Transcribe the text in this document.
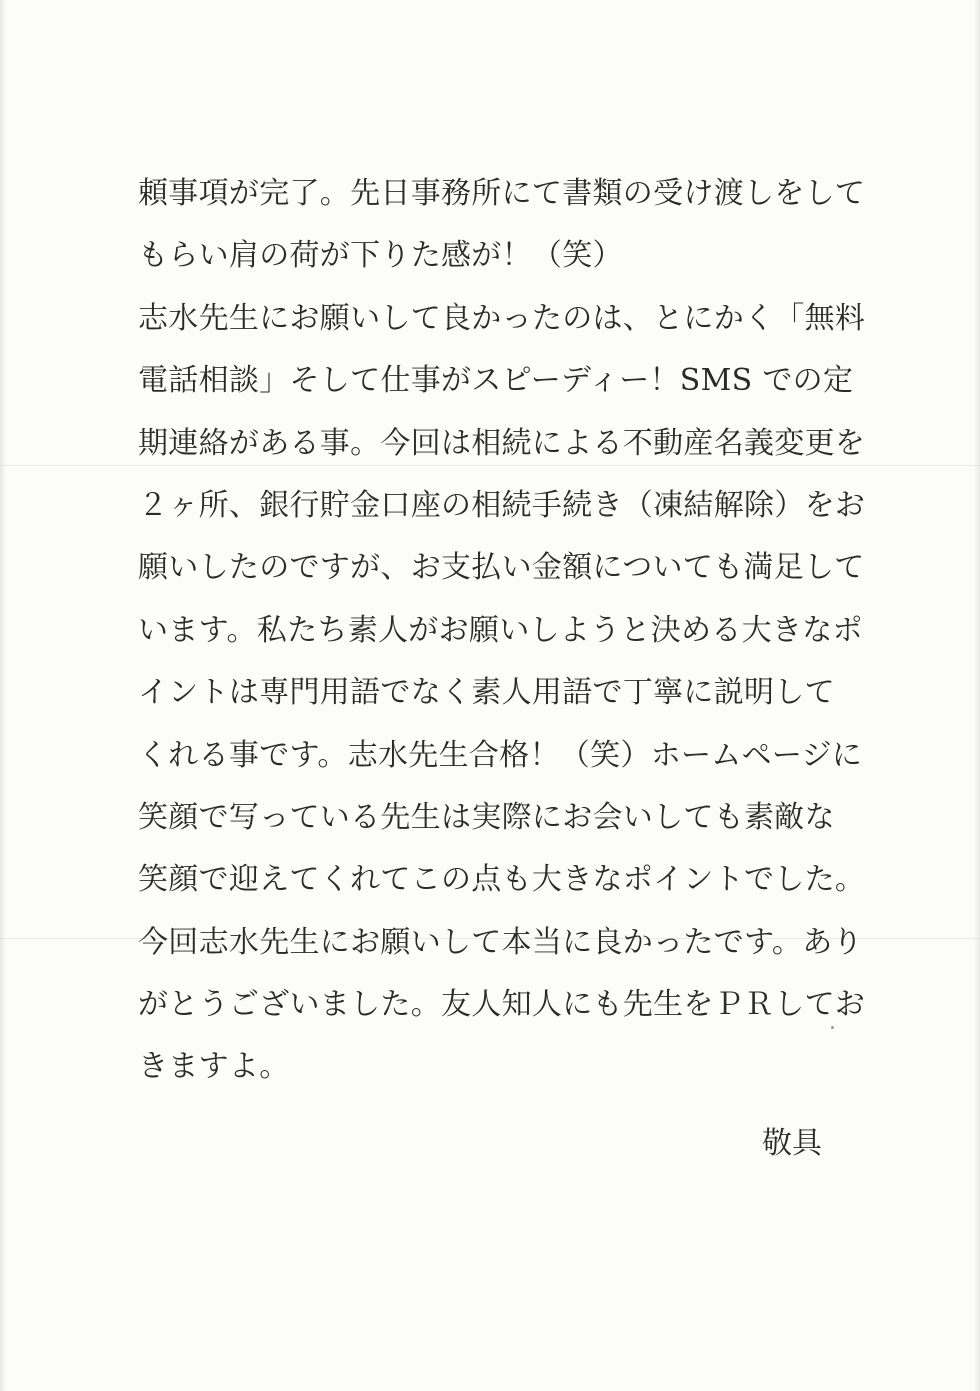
頼事項が完了。先日事務所にて書類の受け渡しをして
もらい肩の荷が下りた感が！（笑）
志水先生にお願いして良かったのは、とにかく「無料
電話相談」そして仕事がスピーディー！SMS での定
期連絡がある事。今回は相続による不動産名義変更を
２ヶ所、銀行貯金口座の相続手続き（凍結解除）をお
願いしたのですが、お支払い金額についても満足して
います。私たち素人がお願いしようと決める大きなポ
イントは専門用語でなく素人用語で丁寧に説明して
くれる事です。志水先生合格！（笑）ホームページに
笑顔で写っている先生は実際にお会いしても素敵な
笑顔で迎えてくれてこの点も大きなポイントでした。
今回志水先生にお願いして本当に良かったです。あり
がとうございました。友人知人にも先生をＰＲしてお
きますよ。
敬具
